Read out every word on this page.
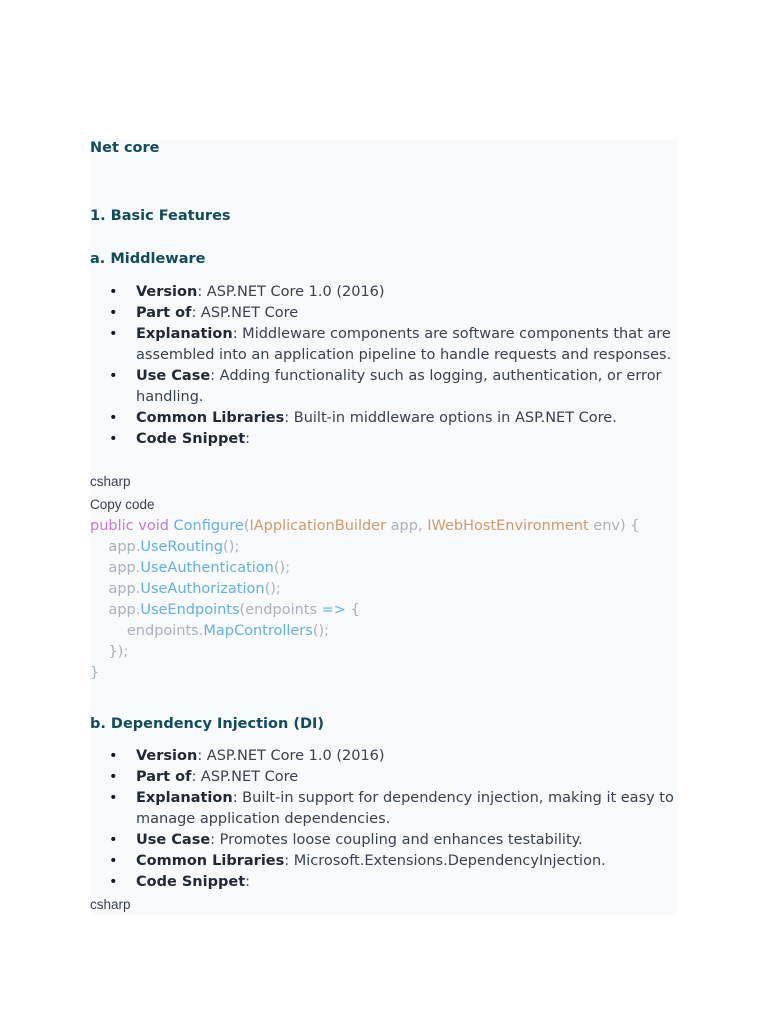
Net core
1. Basic Features
a. Middleware
• Version: ASP.NET Core 1.0 (2016)
• Part of: ASP.NET Core
• Explanation: Middleware components are software components that are assembled into an application pipeline to handle requests and responses.
• Use Case: Adding functionality such as logging, authentication, or error handling.
• Common Libraries: Built-in middleware options in ASP.NET Core.
• Code Snippet:
csharp
Copy code
public void Configure(IApplicationBuilder app, IWebHostEnvironment env) {
app.UseRouting();
app.UseAuthentication();
app.UseAuthorization();
app.UseEndpoints(endpoints => {
endpoints.MapControllers();
});
}
b. Dependency Injection (DI)
• Version: ASP.NET Core 1.0 (2016)
• Part of: ASP.NET Core
• Explanation: Built-in support for dependency injection, making it easy to manage application dependencies.
• Use Case: Promotes loose coupling and enhances testability.
• Common Libraries: Microsoft.Extensions.DependencyInjection.
• Code Snippet:
csharp
